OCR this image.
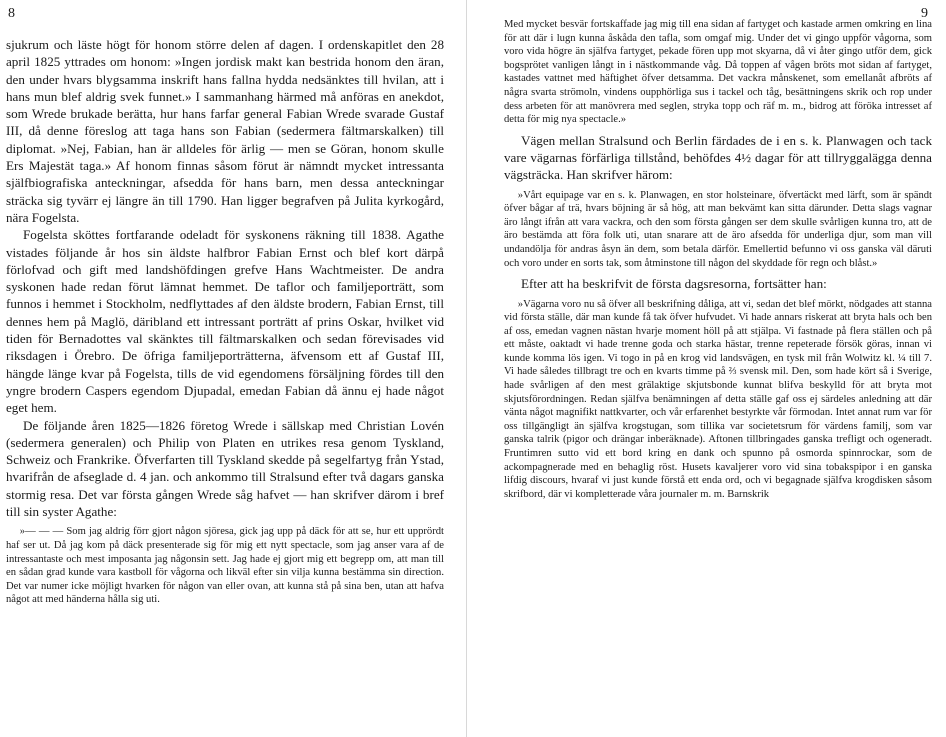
8

sjukrum och läste högt för honom större delen af dagen. I ordenskapitlet den 28 april 1825 yttrades om honom: »Ingen jordisk makt kan bestrida honom den äran, den under hvars blygsamma inskrift hans fallna hydda nedsänktes till hvilan, att i hans mun blef aldrig svek funnet.» I sammanhang härmed må anföras en anekdot, som Wrede brukade berätta, hur hans farfar general Fabian Wrede svarade Gustaf III, då denne föreslog att taga hans son Fabian (sedermera fältmarskalken) till diplomat. »Nej, Fabian, han är alldeles för ärlig — men se Göran, honom skulle Ers Majestät taga.» Af honom finnas såsom förut är nämndt mycket intressanta själfbiografiska anteckningar, afsedda för hans barn, men dessa anteckningar sträcka sig tyvärr ej längre än till 1790. Han ligger begrafven på Julita kyrkogård, nära Fogelsta.

Fogelsta sköttes fortfarande odeladt för syskonens räkning till 1838. Agathe vistades följande år hos sin äldste halfbror Fabian Ernst och blef kort därpå förlofvad och gift med landshöfdingen grefve Hans Wachtmeister. De andra syskonen hade redan förut lämnat hemmet. De taflor och familjeporträtt, som funnos i hemmet i Stockholm, nedflyttades af den äldste brodern, Fabian Ernst, till dennes hem på Maglö, däribland ett intressant porträtt af prins Oskar, hvilket vid tiden för Bernadottes val skänktes till fältmarskalken och sedan förevisades vid riksdagen i Örebro. De öfriga familjeporträtterna, äfvensom ett af Gustaf III, hängde länge kvar på Fogelsta, tills de vid egendomens försäljning fördes till den yngre brodern Caspers egendom Djupadal, emedan Fabian då ännu ej hade något eget hem.

De följande åren 1825—1826 företog Wrede i sällskap med Christian Lovén (sedermera generalen) och Philip von Platen en utrikes resa genom Tyskland, Schweiz och Frankrike. Öfverfarten till Tyskland skedde på segelfartyg från Ystad, hvarifrån de afseglade d. 4 jan. och ankommo till Stralsund efter två dagars ganska stormig resa. Det var första gången Wrede såg hafvet — han skrifver därom i bref till sin syster Agathe:

»— — — Som jag aldrig förr gjort någon sjöresa, gick jag upp på däck för att se, hur ett upprördt haf ser ut. Då jag kom på däck presenterade sig för mig ett nytt spectacle, som jag anser vara af de intressantaste och mest imposanta jag någonsin sett. Jag hade ej gjort mig ett begrepp om, att man till en sådan grad kunde vara kastboll för vågorna och likväl efter sin vilja kunna bestämma sin direction. Det var numer icke möjligt hvarken för någon van eller ovan, att kunna stå på sina ben, utan att hafva något att med händerna hålla sig uti.

9

Med mycket besvär fortskaffade jag mig till ena sidan af fartyget och kastade armen omkring en lina för att där i lugn kunna åskåda den tafla, som omgaf mig. Under det vi gingo uppför vågorna, som voro vida högre än själfva fartyget, pekade fören upp mot skyarna, då vi åter gingo utför dem, gick bogsprötet vanligen långt in i nästkommande våg. Då toppen af vågen bröts mot sidan af fartyget, kastades vattnet med häftighet öfver detsamma. Det vackra månskenet, som emellanåt afbröts af några svarta strömoln, vindens oupphörliga sus i tackel och tåg, besättningens skrik och rop under dess arbeten för att manövrera med seglen, stryka topp och räf m. m., bidrog att föröka intresset af detta för mig nya spectacle.»

Vägen mellan Stralsund och Berlin färdades de i en s. k. Planwagen och tack vare vägarnas förfärliga tillstånd, behöfdes 4½ dagar för att tillryggalägga denna vägsträcka. Han skrifver härom:

»Vårt equipage var en s. k. Planwagen, en stor holsteinare, öfvertäckt med lärft, som är spändt öfver bågar af trä, hvars böjning är så hög, att man bekvämt kan sitta därunder. Detta slags vagnar äro långt ifrån att vara vackra, och den som första gången ser dem skulle svårligen kunna tro, att de äro bestämda att föra folk uti, utan snarare att de äro afsedda för underliga djur, som man vill undandölja för andras åsyn än dem, som betala därför. Emellertid befunno vi oss ganska väl däruti och voro under en sorts tak, som åtminstone till någon del skyddade för regn och blåst.»

Efter att ha beskrifvit de första dagsresorna, fortsätter han:

»Vägarna voro nu så öfver all beskrifning dåliga, att vi, sedan det blef mörkt, nödgades att stanna vid första ställe, där man kunde få tak öfver hufvudet. Vi hade annars riskerat att bryta hals och ben af oss, emedan vagnen nästan hvarje moment höll på att stjälpa. Vi fastnade på flera ställen och på ett måste, oaktadt vi hade trenne goda och starka hästar, trenne repeterade försök göras, innan vi kunde komma lös igen. Vi togo in på en krog vid landsvägen, en tysk mil från Wolwitz kl. ¼ till 7. Vi hade således tillbragt tre och en kvarts timme på ⅔ svensk mil. Den, som hade kört så i Sverige, hade svårligen af den mest grälaktige skjutsbonde kunnat blifva beskylld för att bryta mot skjutsförordningen. Redan själfva benämningen af detta ställe gaf oss ej särdeles anledning att där vänta något magnifikt nattkvarter, och vår erfarenhet bestyrkte vår förmodan. Intet annat rum var för oss tillgängligt än själfva krogstugan, som tillika var societetsrum för värdens familj, som var ganska talrik (pigor och drängar inberäknade). Aftonen tillbringades ganska trefligt och ogeneradt. Fruntimren sutto vid ett bord kring en dank och spunno på osmorda spinnrockar, som de ackompagnerade med en behaglig röst. Husets kavaljerer voro vid sina tobakspipor i en ganska lifdig discours, hvaraf vi just kunde förstå ett enda ord, och vi begagnade själfva krogdisken såsom skrifbord, där vi kompletterade våra journaler m. m. Barnskrik
